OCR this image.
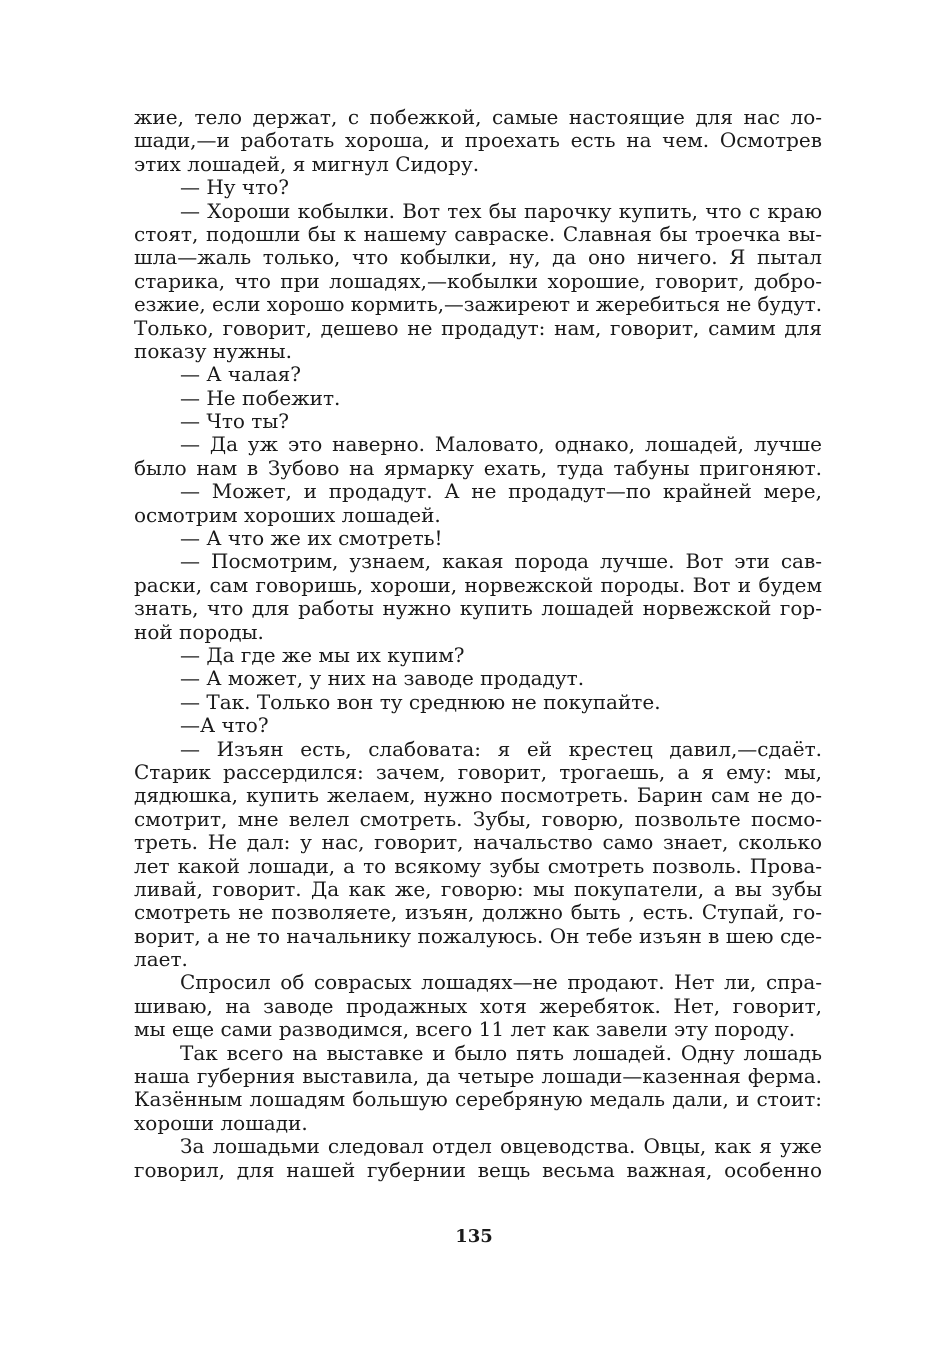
жие, тело держат, с побежкой, самые настоящие для нас ло-
шади,—и работать хороша, и проехать есть на чем. Осмотрев
этих лошадей, я мигнул Сидору.
— Ну что?
— Хороши кобылки. Вот тех бы парочку купить, что с краю
стоят, подошли бы к нашему савраске. Славная бы троечка вы-
шла—жаль только, что кобылки, ну, да оно ничего. Я пытал
старика, что при лошадях,—кобылки хорошие, говорит, добро-
езжие, если хорошо кормить,—зажиреют и жеребиться не будут.
Только, говорит, дешево не продадут: нам, говорит, самим для
показу нужны.
— А чалая?
— Не побежит.
— Что ты?
— Да уж это наверно. Маловато, однако, лошадей, лучше
было нам в Зубово на ярмарку ехать, туда табуны пригоняют.
— Может, и продадут. А не продадут—по крайней мере,
осмотрим хороших лошадей.
— А что же их смотреть!
— Посмотрим, узнаем, какая порода лучше. Вот эти сав-
раски, сам говоришь, хороши, норвежской породы. Вот и будем
знать, что для работы нужно купить лошадей норвежской гор-
ной породы.
— Да где же мы их купим?
— А может, у них на заводе продадут.
— Так. Только вон ту среднюю не покупайте.
—А что?
— Изъян есть, слабовата: я ей крестец давил,—сдаёт.
Старик рассердился: зачем, говорит, трогаешь, а я ему: мы,
дядюшка, купить желаем, нужно посмотреть. Барин сам не до-
смотрит, мне велел смотреть. Зубы, говорю, позвольте посмо-
треть. Не дал: у нас, говорит, начальство само знает, сколько
лет какой лошади, а то всякому зубы смотреть позволь. Прова-
ливай, говорит. Да как же, говорю: мы покупатели, а вы зубы
смотреть не позволяете, изъян, должно быть , есть. Ступай, го-
ворит, а не то начальнику пожалуюсь. Он тебе изъян в шею сде-
лает.
Спросил об соврасых лошадях—не продают. Нет ли, спра-
шиваю, на заводе продажных хотя жеребяток. Нет, говорит,
мы еще сами разводимся, всего 11 лет как завели эту породу.
Так всего на выставке и было пять лошадей. Одну лошадь
наша губерния выставила, да четыре лошади—казенная ферма.
Казённым лошадям большую серебряную медаль дали, и стоит:
хороши лошади.
За лошадьми следовал отдел овцеводства. Овцы, как я уже
говорил, для нашей губернии вещь весьма важная, особенно
135
